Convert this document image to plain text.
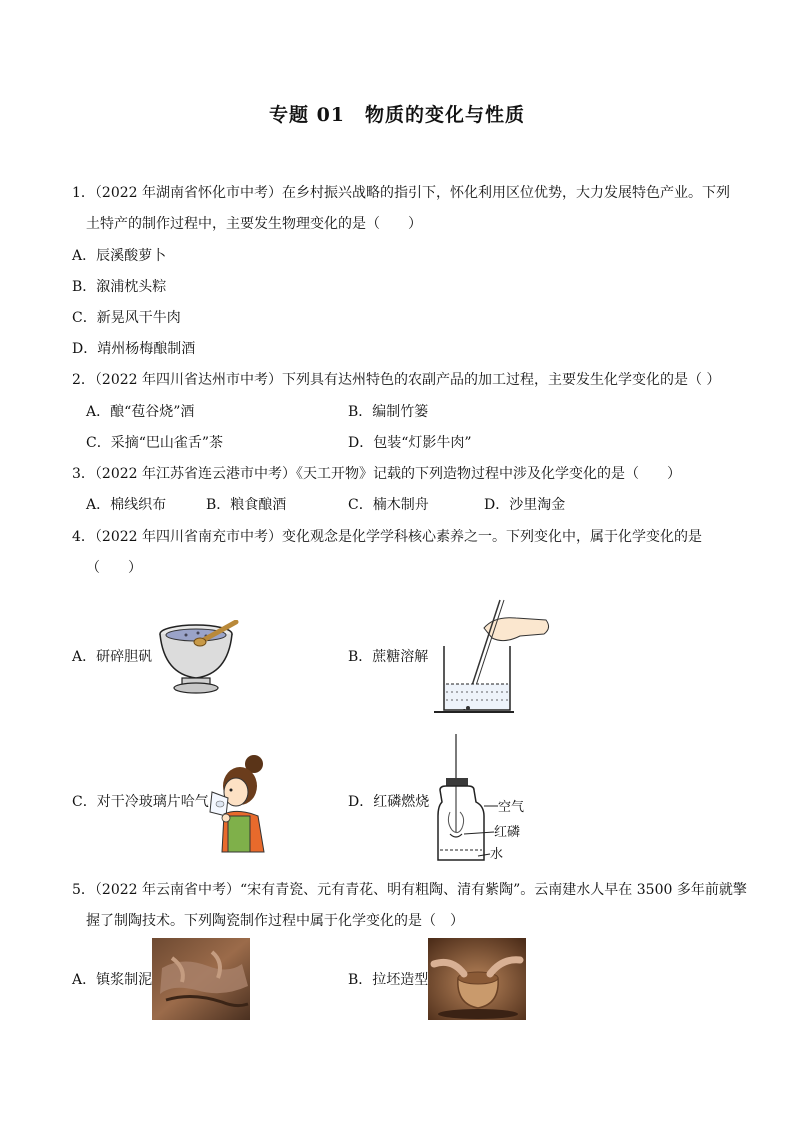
专题 01　物质的变化与性质
1．（2022 年湖南省怀化市中考）在乡村振兴战略的指引下，怀化利用区位优势，大力发展特色产业。下列
土特产的制作过程中，主要发生物理变化的是（　　）
A．辰溪酸萝卜
B．溆浦枕头粽
C．新晃风干牛肉
D．靖州杨梅酿制酒
2．（2022 年四川省达州市中考）下列具有达州特色的农副产品的加工过程，主要发生化学变化的是（ ）
A．酿“苞谷烧”酒	B．编制竹篓
C．采摘“巴山雀舌”茶	D．包装“灯影牛肉”
3．（2022 年江苏省连云港市中考）《天工开物》记载的下列造物过程中涉及化学变化的是（　　）
A．棉线织布	B．粮食酿酒	C．楠木制舟	D．沙里淘金
4．（2022 年四川省南充市中考）变化观念是化学学科核心素养之一。下列变化中，属于化学变化的是
（　　）
A．研碎胆矾	B．蔗糖溶解
C．对干冷玻璃片哈气	D．红磷燃烧	空气
红磷
水
5．（2022 年云南省中考）“宋有青瓷、元有青花、明有粗陶、清有紫陶”。云南建水人早在 3500 多年前就擎
握了制陶技术。下列陶瓷制作过程中属于化学变化的是（　）
A．镇浆制泥	B．拉坯造型
